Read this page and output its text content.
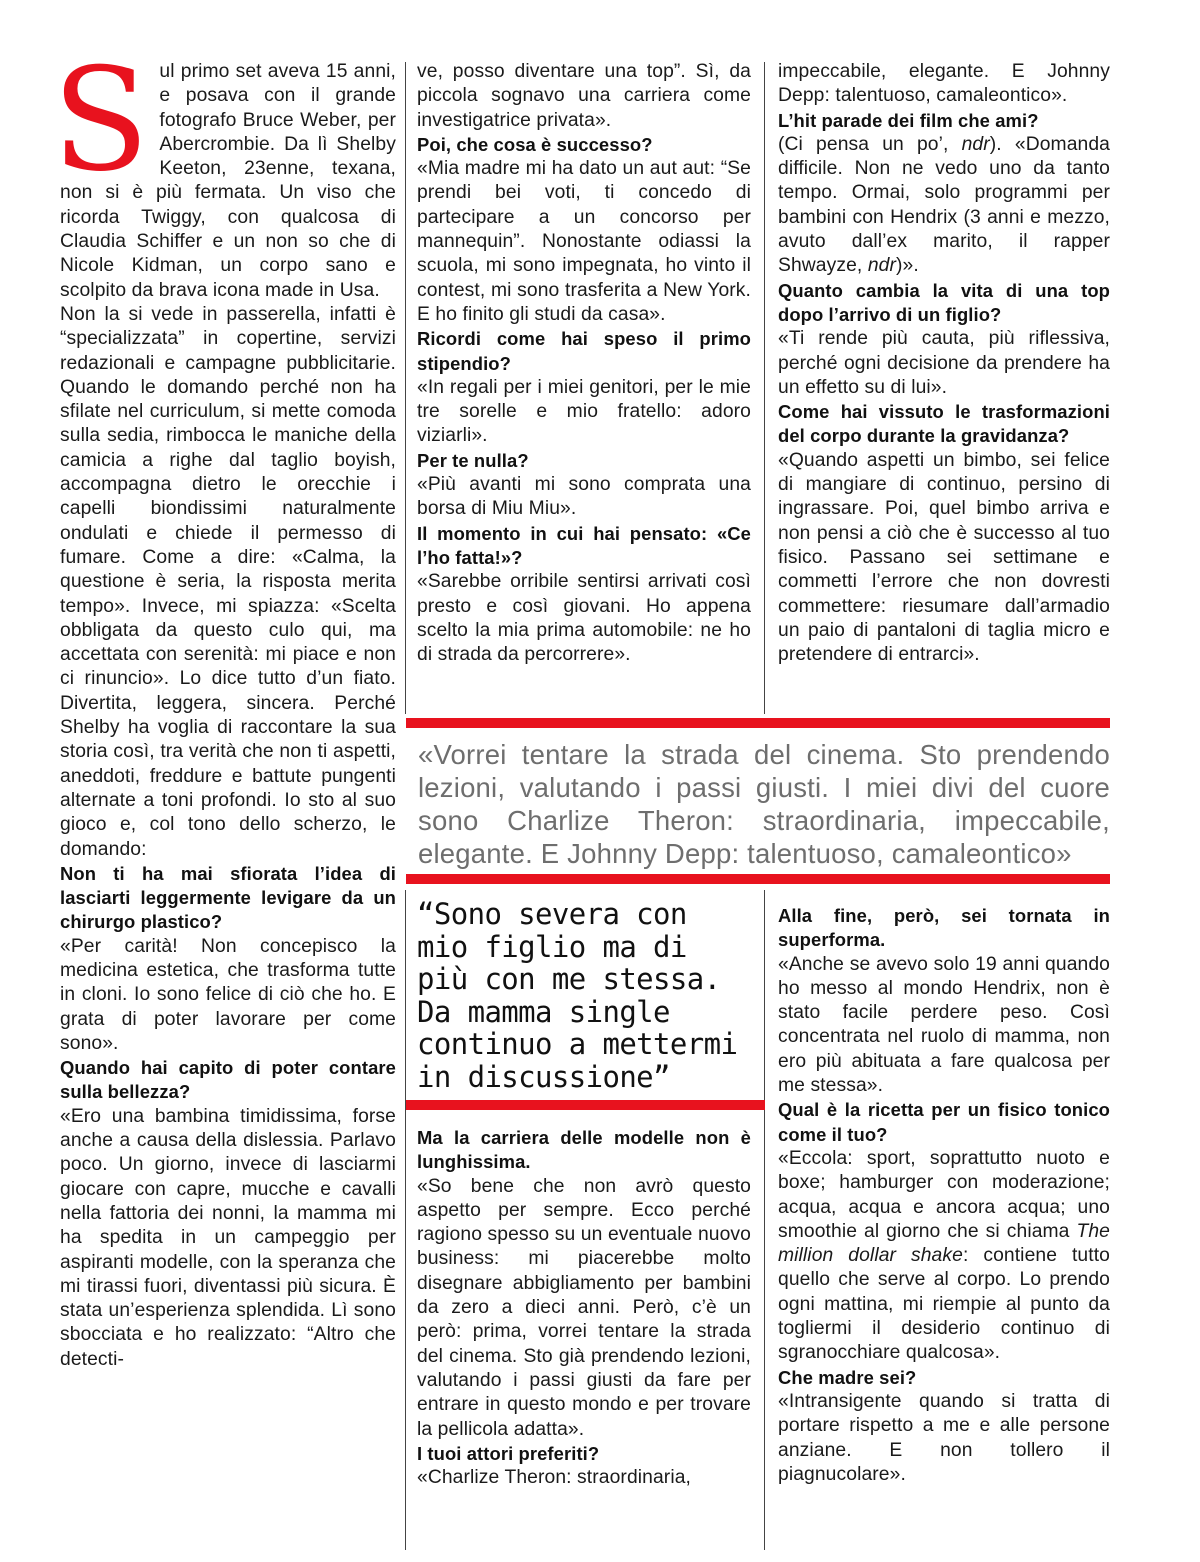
Sul primo set aveva 15 anni, e posava con il grande fotografo Bruce Weber, per Abercrombie. Da lì Shelby Keeton, 23enne, texana, non si è più fermata. Un viso che ricorda Twiggy, con qualcosa di Claudia Schiffer e un non so che di Nicole Kidman, un corpo sano e scolpito da brava icona made in Usa.

Non la si vede in passerella, infatti è “specializzata” in copertine, servizi redazionali e campagne pubblicitarie. Quando le domando perché non ha sfilate nel curriculum, si mette comoda sulla sedia, rimbocca le maniche della camicia a righe dal taglio boyish, accompagna dietro le orecchie i capelli biondissimi naturalmente ondulati e chiede il permesso di fumare. Come a dire: «Calma, la questione è seria, la risposta merita tempo». Invece, mi spiazza: «Scelta obbligata da questo culo qui, ma accettata con serenità: mi piace e non ci rinuncio». Lo dice tutto d’un fiato. Divertita, leggera, sincera. Perché Shelby ha voglia di raccontare la sua storia così, tra verità che non ti aspetti, aneddoti, freddure e battute pungenti alternate a toni profondi. Io sto al suo gioco e, col tono dello scherzo, le domando:

Non ti ha mai sfiorata l’idea di lasciarti leggermente levigare da un chirurgo plastico?

«Per carità! Non concepisco la medicina estetica, che trasforma tutte in cloni. Io sono felice di ciò che ho. E grata di poter lavorare per come sono».

Quando hai capito di poter contare sulla bellezza?

«Ero una bambina timidissima, forse anche a causa della dislessia. Parlavo poco. Un giorno, invece di lasciarmi giocare con capre, mucche e cavalli nella fattoria dei nonni, la mamma mi ha spedita in un campeggio per aspiranti modelle, con la speranza che mi tirassi fuori, diventassi più sicura. È stata un’esperienza splendida. Lì sono sbocciata e ho realizzato: “Altro che detecti-

ve, posso diventare una top”. Sì, da piccola sognavo una carriera come investigatrice privata».

Poi, che cosa è successo?

«Mia madre mi ha dato un aut aut: “Se prendi bei voti, ti concedo di partecipare a un concorso per mannequin”. Nonostante odiassi la scuola, mi sono impegnata, ho vinto il contest, mi sono trasferita a New York. E ho finito gli studi da casa».

Ricordi come hai speso il primo stipendio?

«In regali per i miei genitori, per le mie tre sorelle e mio fratello: adoro viziarli».

Per te nulla?

«Più avanti mi sono comprata una borsa di Miu Miu».

Il momento in cui hai pensato: «Ce l’ho fatta!»?

«Sarebbe orribile sentirsi arrivati così presto e così giovani. Ho appena scelto la mia prima automobile: ne ho di strada da percorrere».

impeccabile, elegante. E Johnny Depp: talentuoso, camaleontico».

L’hit parade dei film che ami?

(Ci pensa un po’, ndr). «Domanda difficile. Non ne vedo uno da tanto tempo. Ormai, solo programmi per bambini con Hendrix (3 anni e mezzo, avuto dall’ex marito, il rapper Shwayze, ndr)».

Quanto cambia la vita di una top dopo l’arrivo di un figlio?

«Ti rende più cauta, più riflessiva, perché ogni decisione da prendere ha un effetto su di lui».

Come hai vissuto le trasformazioni del corpo durante la gravidanza?

«Quando aspetti un bimbo, sei felice di mangiare di continuo, persino di ingrassare. Poi, quel bimbo arriva e non pensi a ciò che è successo al tuo fisico. Passano sei settimane e commetti l’errore che non dovresti commettere: riesumare dall’armadio un paio di pantaloni di taglia micro e pretendere di entrarci».

«Vorrei tentare la strada del cinema. Sto prendendo lezioni, valutando i passi giusti. I miei divi del cuore sono Charlize Theron: straordinaria, impeccabile, elegante. E Johnny Depp: talentuoso, camaleontico»
“Sono severa con mio figlio ma di più con me stessa. Da mamma single continuo a mettermi in discussione”

Ma la carriera delle modelle non è lunghissima.

«So bene che non avrò questo aspetto per sempre. Ecco perché ragiono spesso su un eventuale nuovo business: mi piacerebbe molto disegnare abbigliamento per bambini da zero a dieci anni. Però, c’è un però: prima, vorrei tentare la strada del cinema. Sto già prendendo lezioni, valutando i passi giusti da fare per entrare in questo mondo e per trovare la pellicola adatta».

I tuoi attori preferiti?

«Charlize Theron: straordinaria,

Alla fine, però, sei tornata in superforma.

«Anche se avevo solo 19 anni quando ho messo al mondo Hendrix, non è stato facile perdere peso. Così concentrata nel ruolo di mamma, non ero più abituata a fare qualcosa per me stessa».

Qual è la ricetta per un fisico tonico come il tuo?

«Eccola: sport, soprattutto nuoto e boxe; hamburger con moderazione; acqua, acqua e ancora acqua; uno smoothie al giorno che si chiama The million dollar shake: contiene tutto quello che serve al corpo. Lo prendo ogni mattina, mi riempie al punto da togliermi il desiderio continuo di sgranocchiare qualcosa».

Che madre sei?

«Intransigente quando si tratta di portare rispetto a me e alle persone anziane. E non tollero il piagnucolare».
